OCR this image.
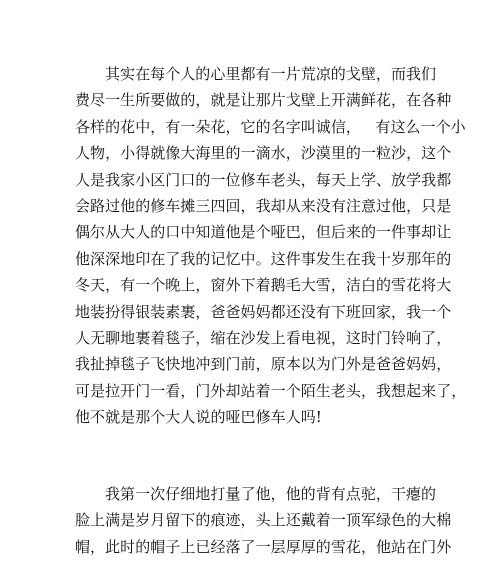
其实在每个人的心里都有一片荒凉的戈壁，而我们
费尽一生所要做的，就是让那片戈壁上开满鲜花，在各种
各样的花中，有一朵花，它的名字叫诚信，   有这么一个小
人物，小得就像大海里的一滴水，沙漠里的一粒沙，这个
人是我家小区门口的一位修车老头，每天上学、放学我都
会路过他的修车摊三四回，我却从来没有注意过他，只是
偶尔从大人的口中知道他是个哑巴，但后来的一件事却让
他深深地印在了我的记忆中。这件事发生在我十岁那年的
冬天，有一个晚上，窗外下着鹅毛大雪，洁白的雪花将大
地装扮得银装素裹，爸爸妈妈都还没有下班回家，我一个
人无聊地裹着毯子，缩在沙发上看电视，这时门铃响了，
我扯掉毯子飞快地冲到门前，原本以为门外是爸爸妈妈，
可是拉开门一看，门外却站着一个陌生老头，我想起来了，
他不就是那个大人说的哑巴修车人吗!
我第一次仔细地打量了他，他的背有点驼，干瘪的
脸上满是岁月留下的痕迹，头上还戴着一顶军绿色的大棉
帽，此时的帽子上已经落了一层厚厚的雪花，他站在门外
